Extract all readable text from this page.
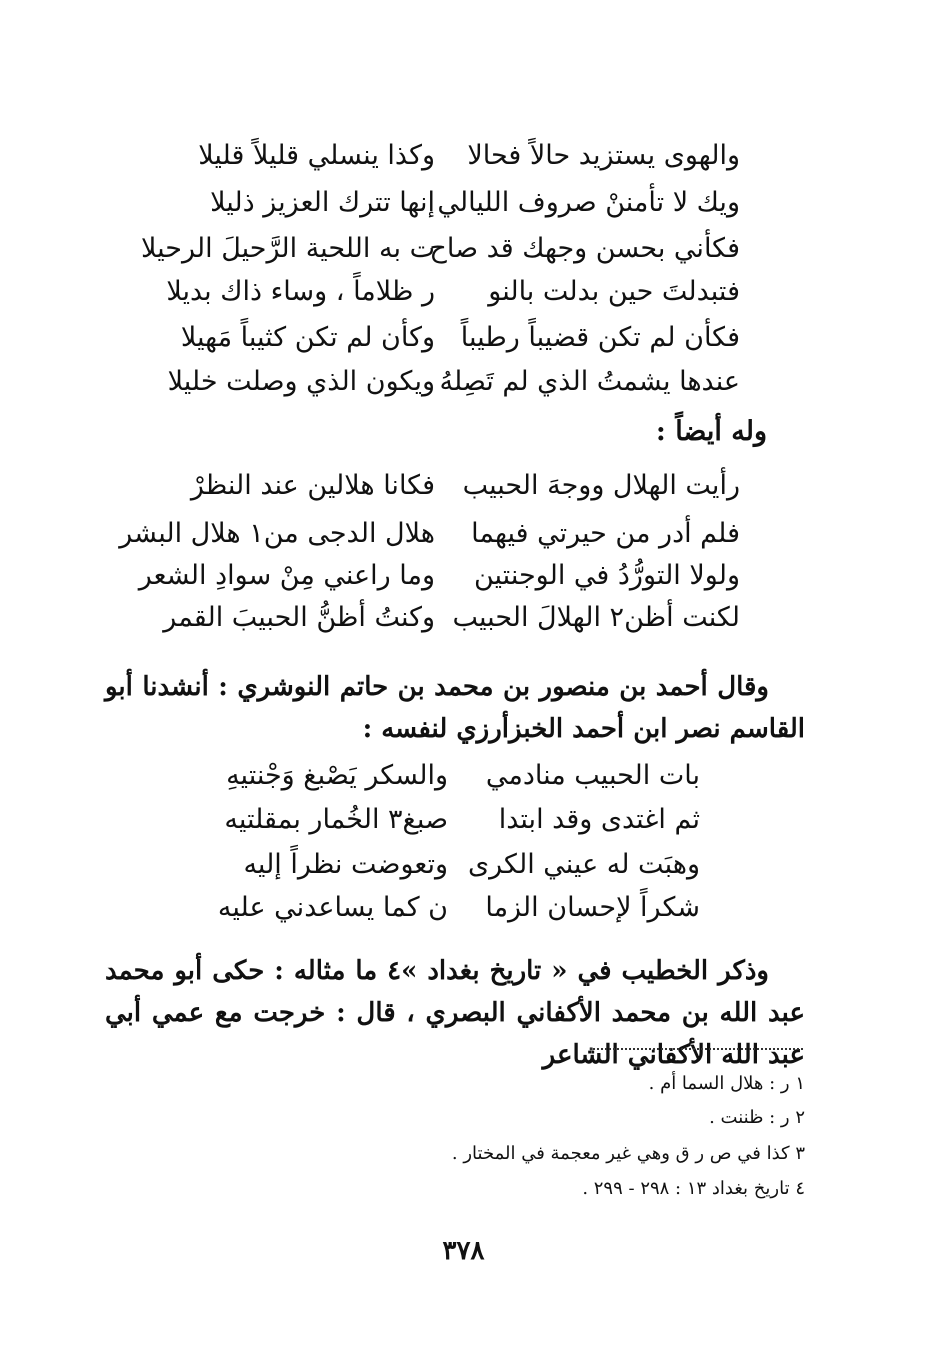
والهوى يستزيد حالاً فحالا
وكذا ينسلي قليلاً قليلا
ويك لا تأمننْ صروف الليالي
إنها تترك العزيز ذليلا
فكأني بحسن وجهك قد صاح
ت به اللحية الرَّحيلَ الرحيلا
فتبدلتَ حين بدلت بالنو
ر ظلاماً ، وساء ذاك بديلا
فكأن لم تكن قضيباً رطيباً
وكأن لم تكن كثيباً مَهيلا
عندها يشمتُ الذي لم تَصِلهُ
ويكون الذي وصلت خليلا
وله أيضاً :
رأيت الهلال ووجهَ الحبيب
فكانا هلالين عند النظرْ
فلم أدر من حيرتي فيهما
هلال الدجى من١ هلال البشر
ولولا التورُّدُ في الوجنتين
وما راعني مِنْ سوادِ الشعر
لكنت أظن٢ الهلالَ الحبيب
وكنتُ أظنُّ الحبيبَ القمر

وقال أحمد بن منصور بن محمد بن حاتم النوشري : أنشدنا أبو القاسم نصر ابن أحمد الخبزأرزي لنفسه :

بات الحبيب منادمي
والسكر يَصْبغ وَجْنتيهِ
ثم اغتدى وقد ابتدا
صبغ٣ الخُمار بمقلتيه
وهبَت له عيني الكرى
وتعوضت نظراً إليه
شكراً لإحسان الزما
ن كما يساعدني عليه

وذكر الخطيب في « تاريخ بغداد »٤ ما مثاله : حكى أبو محمد عبد الله بن محمد الأكفاني البصري ، قال : خرجت مع عمي أبي عبد الله الأكفاني الشاعر

١ ر : هلال السما أم .
٢ ر : ظننت .
٣ كذا في ص ر ق وهي غير معجمة في المختار .
٤ تاريخ بغداد ١٣ : ٢٩٨ - ٢٩٩ .
٣٧٨
